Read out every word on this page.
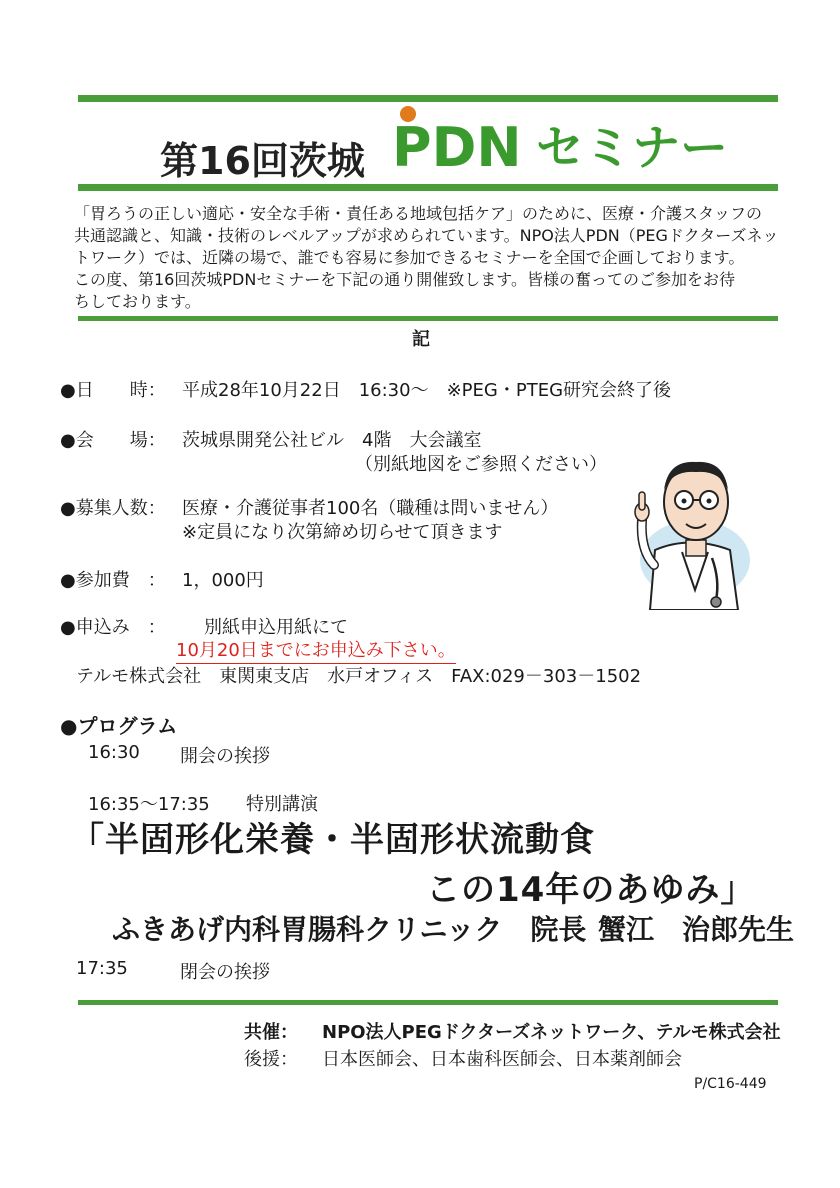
第16回茨城 PDN セミナー

「胃ろうの正しい適応・安全な手術・責任ある地域包括ケア」のために、医療・介護スタッフの

共通認識と、知識・技術のレベルアップが求められています。NPO法人PDN（PEGドクターズネッ

トワーク）では、近隣の場で、誰でも容易に参加できるセミナーを全国で企画しております。

この度、第16回茨城PDNセミナーを下記の通り開催致します。皆様の奮ってのご参加をお待

ちしております。

記
●日　　時： 平成28年10月22日　16:30～　※PEG・PTEG研究会終了後
●会　　場： 茨城県開発公社ビル　4階　大会議室
（別紙地図をご参照ください）
●募集人数： 医療・介護従事者100名（職種は問いません）
※定員になり次第締め切らせて頂きます
●参加費　： 1，000円
●申込み　： 別紙申込用紙にて
10月20日までにお申込み下さい。
テルモ株式会社　東関東支店　水戸オフィス　FAX:029－303－1502
●プログラム
16:30 開会の挨拶
16:35～17:35 特別講演
「半固形化栄養・半固形状流動食
この14年のあゆみ」
ふきあげ内科胃腸科クリニック　院長 蟹江　治郎先生
17:35	閉会の挨拶
共催： NPO法人PEGドクターズネットワーク、テルモ株式会社
後援： 日本医師会、日本歯科医師会、日本薬剤師会
P/C16-449
